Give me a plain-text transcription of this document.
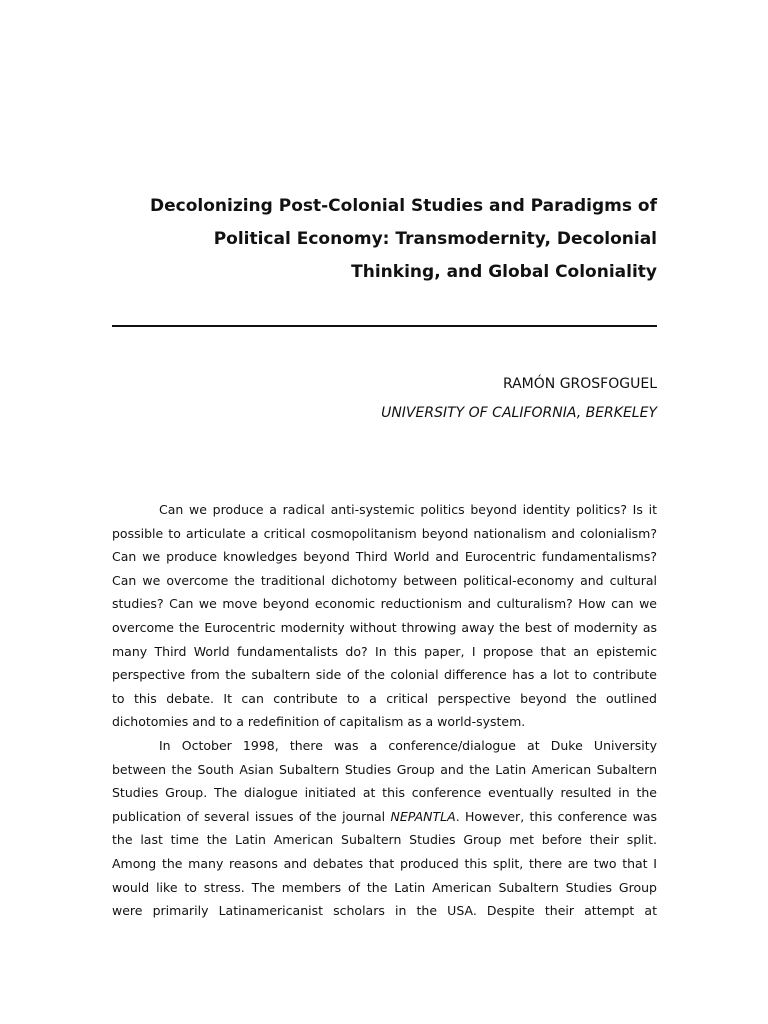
Decolonizing Post-Colonial Studies and Paradigms of
Political Economy: Transmodernity, Decolonial
Thinking, and Global Coloniality
RAMÓN GROSFOGUEL
UNIVERSITY OF CALIFORNIA, BERKELEY
Can we produce a radical anti-systemic politics beyond identity politics? Is it
possible to articulate a critical cosmopolitanism beyond nationalism and colonialism?
Can we produce knowledges beyond Third World and Eurocentric fundamentalisms?
Can we overcome the traditional dichotomy between political-economy and cultural
studies? Can we move beyond economic reductionism and culturalism? How can we
overcome the Eurocentric modernity without throwing away the best of modernity as
many Third World fundamentalists do? In this paper, I propose that an epistemic
perspective from the subaltern side of the colonial difference has a lot to contribute
to this debate. It can contribute to a critical perspective beyond the outlined
dichotomies and to a redefinition of capitalism as a world-system.
In October 1998, there was a conference/dialogue at Duke University
between the South Asian Subaltern Studies Group and the Latin American Subaltern
Studies Group. The dialogue initiated at this conference eventually resulted in the
publication of several issues of the journal NEPANTLA. However, this conference was
the last time the Latin American Subaltern Studies Group met before their split.
Among the many reasons and debates that produced this split, there are two that I
would like to stress. The members of the Latin American Subaltern Studies Group
were primarily Latinamericanist scholars in the USA. Despite their attempt at
